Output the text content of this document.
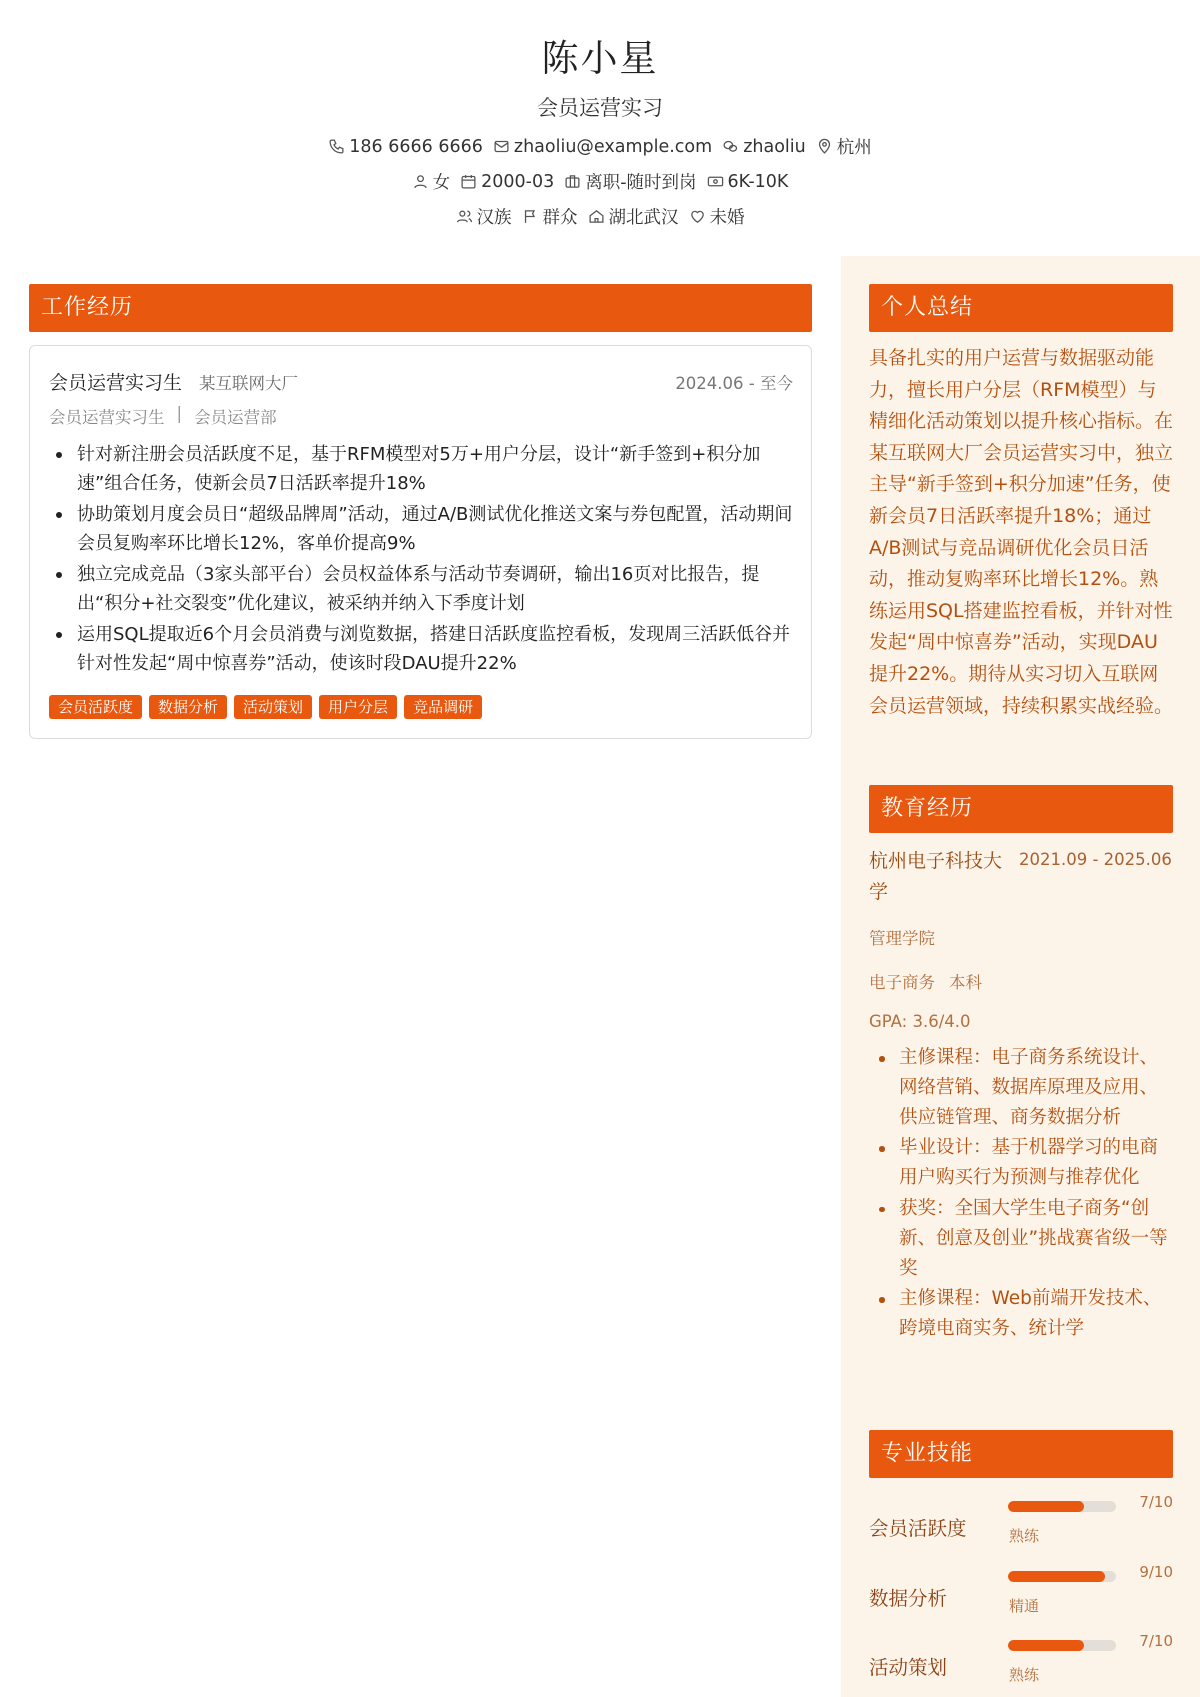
陈小星
会员运营实习
186 6666 6666 zhaoliu@example.com zhaoliu 杭州
女 2000-03 离职-随时到岗 6K-10K
汉族 群众 湖北武汉 未婚
工作经历
会员运营实习生 某互联网大厂	2024.06 - 至今
会员运营实习生 | 会员运营部
针对新注册会员活跃度不足，基于RFM模型对5万+用户分层，设计“新手签到+积分加速”组合任务，使新会员7日活跃率提升18%
协助策划月度会员日“超级品牌周”活动，通过A/B测试优化推送文案与券包配置，活动期间会员复购率环比增长12%，客单价提高9%
独立完成竞品（3家头部平台）会员权益体系与活动节奏调研，输出16页对比报告，提出“积分+社交裂变”优化建议，被采纳并纳入下季度计划
运用SQL提取近6个月会员消费与浏览数据，搭建日活跃度监控看板，发现周三活跃低谷并针对性发起“周中惊喜券”活动，使该时段DAU提升22%
会员活跃度	数据分析	活动策划	用户分层	竞品调研
个人总结
具备扎实的用户运营与数据驱动能力，擅长用户分层（RFM模型）与精细化活动策划以提升核心指标。在某互联网大厂会员运营实习中，独立主导“新手签到+积分加速”任务，使新会员7日活跃率提升18%；通过A/B测试与竞品调研优化会员日活动，推动复购率环比增长12%。熟练运用SQL搭建监控看板，并针对性发起“周中惊喜券”活动，实现DAU提升22%。期待从实习切入互联网会员运营领域，持续积累实战经验。
教育经历
杭州电子科技大学
2021.09 - 2025.06
管理学院
电子商务 本科
GPA: 3.6/4.0
主修课程：电子商务系统设计、网络营销、数据库原理及应用、供应链管理、商务数据分析
毕业设计：基于机器学习的电商用户购买行为预测与推荐优化
获奖：全国大学生电子商务“创新、创意及创业”挑战赛省级一等奖
主修课程：Web前端开发技术、跨境电商实务、统计学
专业技能
会员活跃度
7/10
熟练
数据分析
9/10
精通
活动策划
7/10
熟练
